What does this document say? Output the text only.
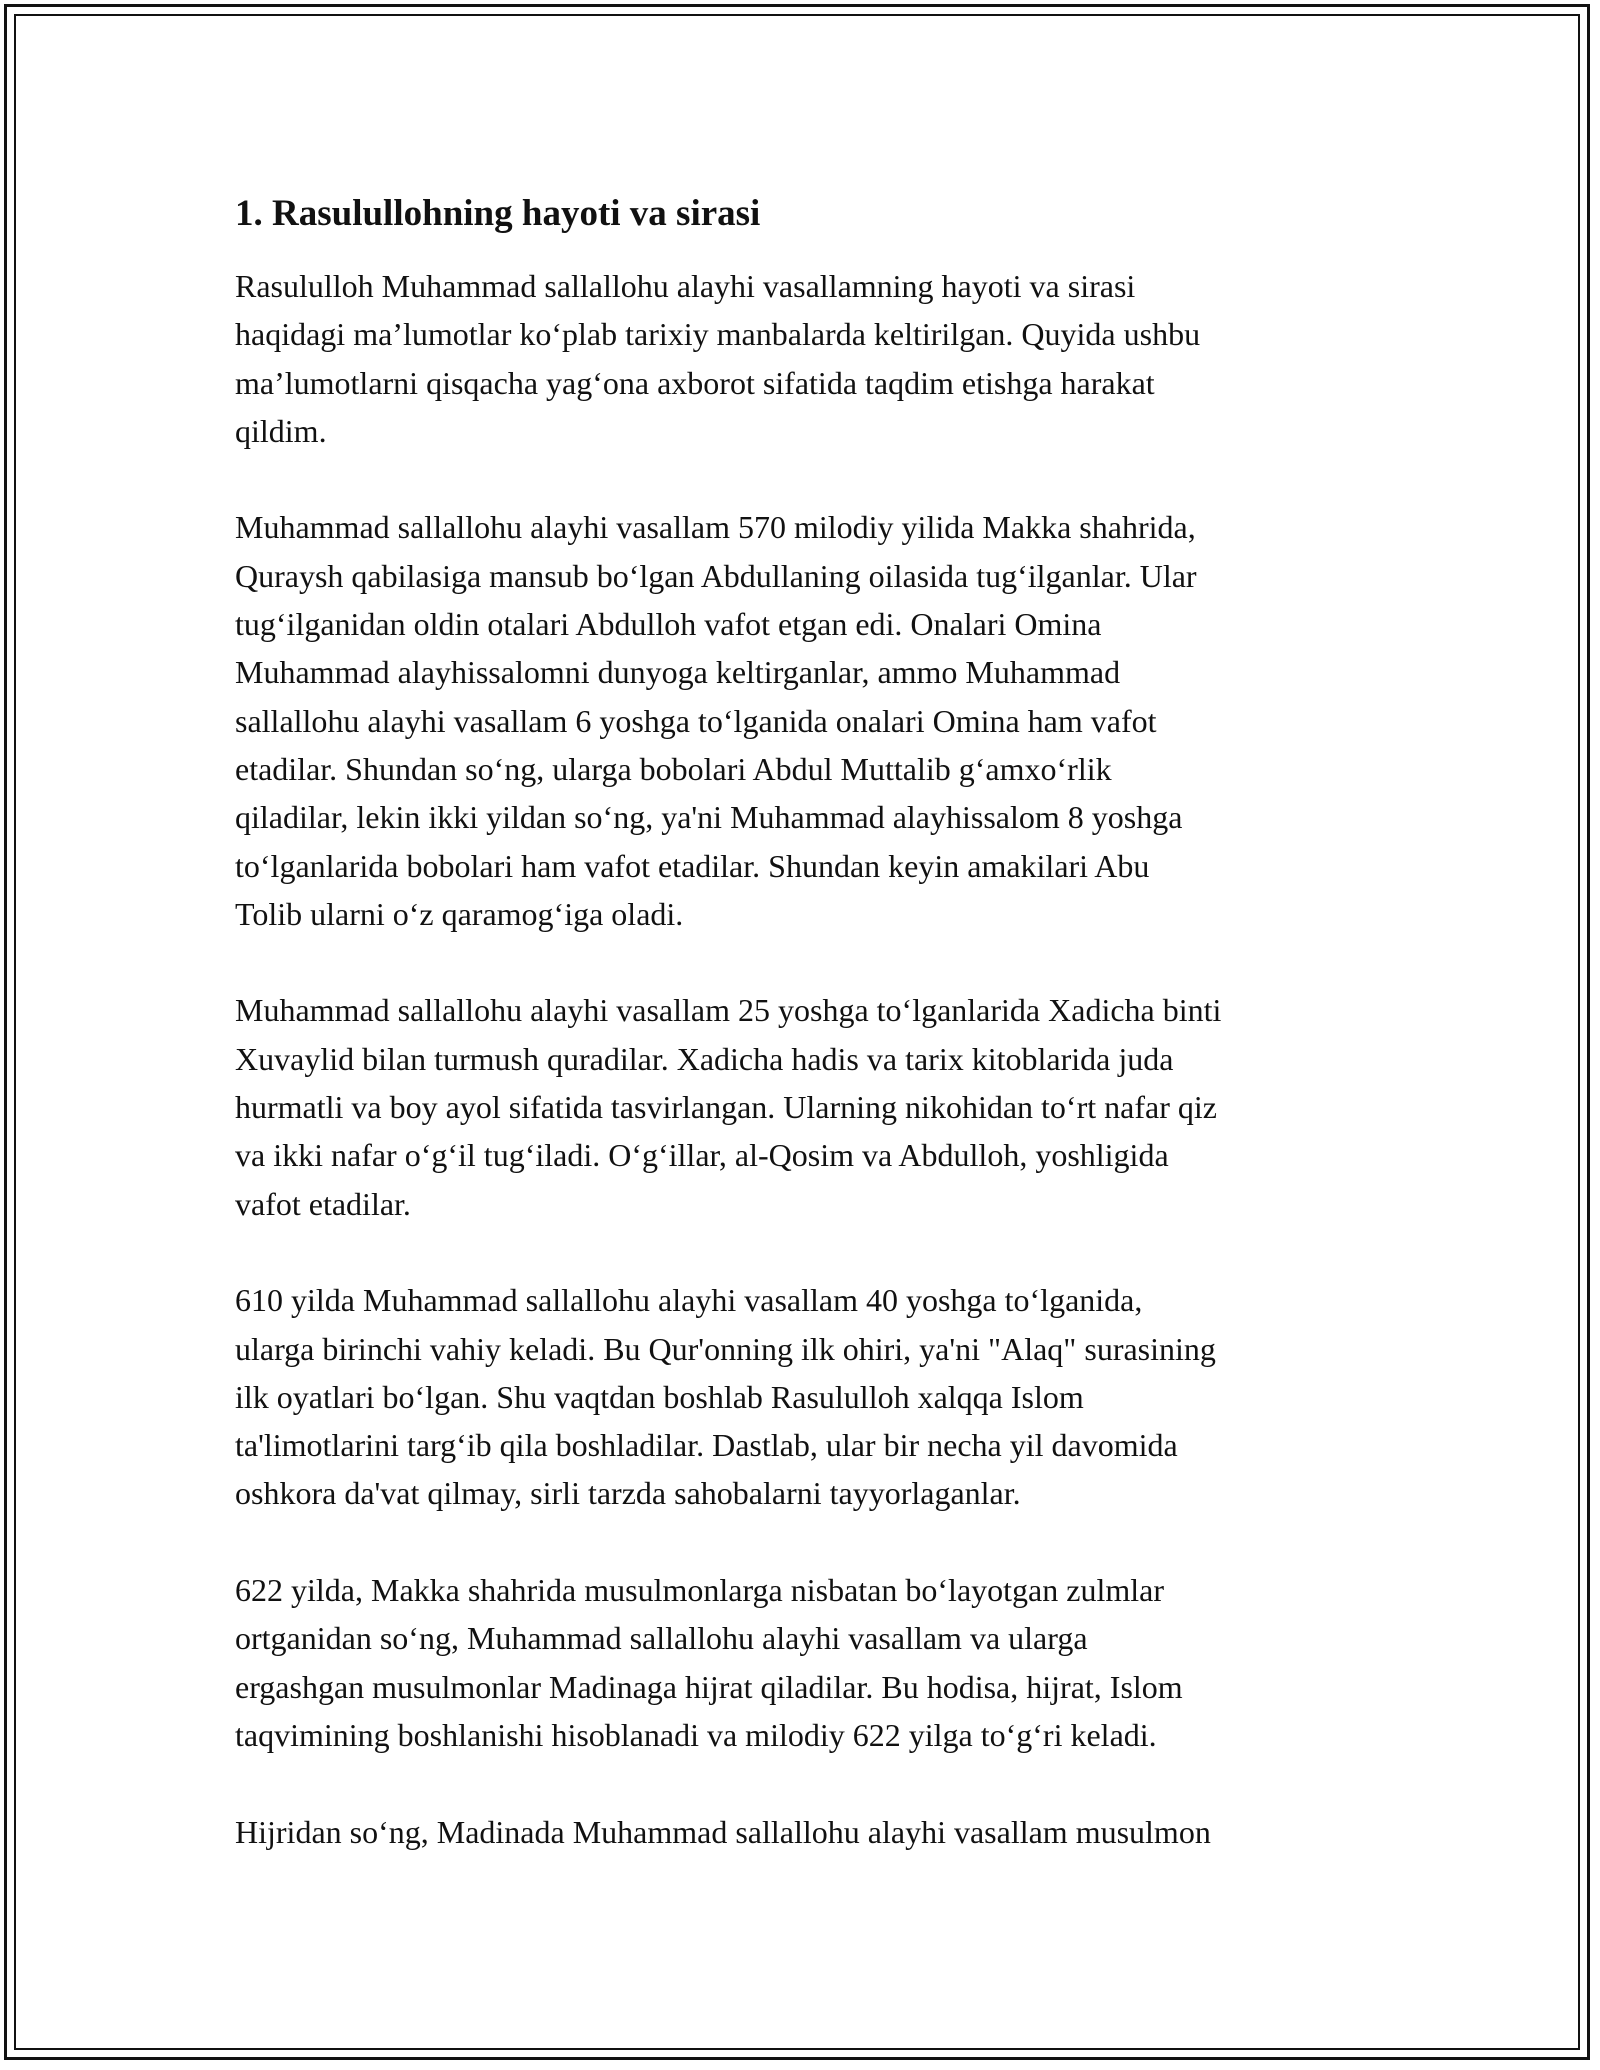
1. Rasulullohning hayoti va sirasi
Rasululloh Muhammad sallallohu alayhi vasallamning hayoti va sirasi
haqidagi ma’lumotlar ko‘plab tarixiy manbalarda keltirilgan. Quyida ushbu
ma’lumotlarni qisqacha yag‘ona axborot sifatida taqdim etishga harakat
qildim.
Muhammad sallallohu alayhi vasallam 570 milodiy yilida Makka shahrida,
Quraysh qabilasiga mansub bo‘lgan Abdullaning oilasida tug‘ilganlar. Ular
tug‘ilganidan oldin otalari Abdulloh vafot etgan edi. Onalari Omina
Muhammad alayhissalomni dunyoga keltirganlar, ammo Muhammad
sallallohu alayhi vasallam 6 yoshga to‘lganida onalari Omina ham vafot
etadilar. Shundan so‘ng, ularga bobolari Abdul Muttalib g‘amxo‘rlik
qiladilar, lekin ikki yildan so‘ng, ya'ni Muhammad alayhissalom 8 yoshga
to‘lganlarida bobolari ham vafot etadilar. Shundan keyin amakilari Abu
Tolib ularni o‘z qaramog‘iga oladi.
Muhammad sallallohu alayhi vasallam 25 yoshga to‘lganlarida Xadicha binti
Xuvaylid bilan turmush quradilar. Xadicha hadis va tarix kitoblarida juda
hurmatli va boy ayol sifatida tasvirlangan. Ularning nikohidan to‘rt nafar qiz
va ikki nafar o‘g‘il tug‘iladi. O‘g‘illar, al-Qosim va Abdulloh, yoshligida
vafot etadilar.
610 yilda Muhammad sallallohu alayhi vasallam 40 yoshga to‘lganida,
ularga birinchi vahiy keladi. Bu Qur'onning ilk ohiri, ya'ni "Alaq" surasining
ilk oyatlari bo‘lgan. Shu vaqtdan boshlab Rasululloh xalqqa Islom
ta'limotlarini targ‘ib qila boshladilar. Dastlab, ular bir necha yil davomida
oshkora da'vat qilmay, sirli tarzda sahobalarni tayyorlaganlar.
622 yilda, Makka shahrida musulmonlarga nisbatan bo‘layotgan zulmlar
ortganidan so‘ng, Muhammad sallallohu alayhi vasallam va ularga
ergashgan musulmonlar Madinaga hijrat qiladilar. Bu hodisa, hijrat, Islom
taqvimining boshlanishi hisoblanadi va milodiy 622 yilga to‘g‘ri keladi.
Hijridan so‘ng, Madinada Muhammad sallallohu alayhi vasallam musulmon
